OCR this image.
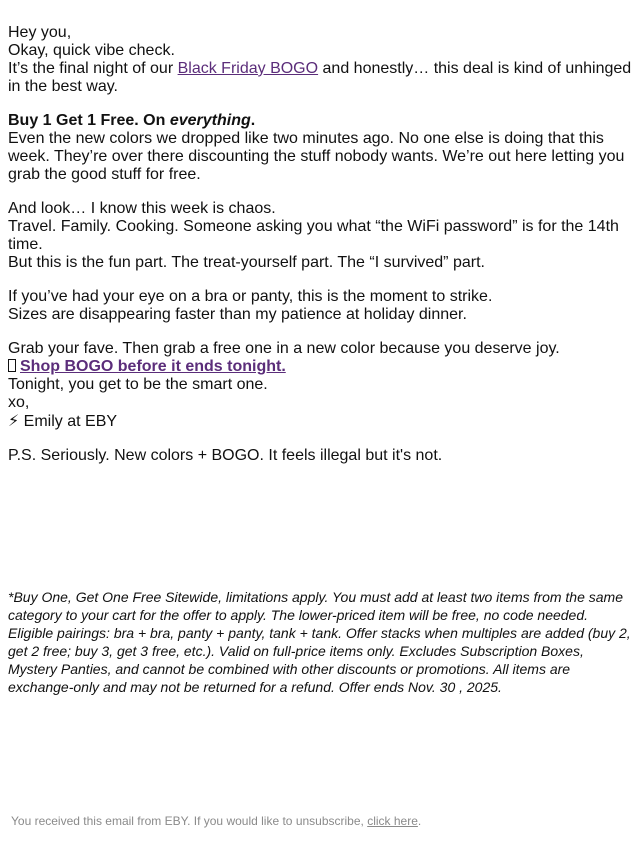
Hey you,

Okay, quick vibe check.

It’s the final night of our Black Friday BOGO and honestly… this deal is kind of unhinged in the best way.

Buy 1 Get 1 Free. On everything.

Even the new colors we dropped like two minutes ago. No one else is doing that this week. They’re over there discounting the stuff nobody wants. We’re out here letting you grab the good stuff for free.

And look… I know this week is chaos.

Travel. Family. Cooking. Someone asking you what “the WiFi password” is for the 14th time.

But this is the fun part. The treat-yourself part. The “I survived” part.

If you’ve had your eye on a bra or panty, this is the moment to strike.

Sizes are disappearing faster than my patience at holiday dinner.

Grab your fave. Then grab a free one in a new color because you deserve joy.

Shop BOGO before it ends tonight.

Tonight, you get to be the smart one.

xo,

⚡ Emily at EBY

P.S. Seriously. New colors + BOGO. It feels illegal but it's not.

*Buy One, Get One Free Sitewide, limitations apply. You must add at least two items from the same category to your cart for the offer to apply. The lower-priced item will be free, no code needed. Eligible pairings: bra + bra, panty + panty, tank + tank. Offer stacks when multiples are added (buy 2, get 2 free; buy 3, get 3 free, etc.). Valid on full-price items only. Excludes Subscription Boxes, Mystery Panties, and cannot be combined with other discounts or promotions. All items are exchange-only and may not be returned for a refund. Offer ends Nov. 30 , 2025.
You received this email from EBY. If you would like to unsubscribe, click here.
